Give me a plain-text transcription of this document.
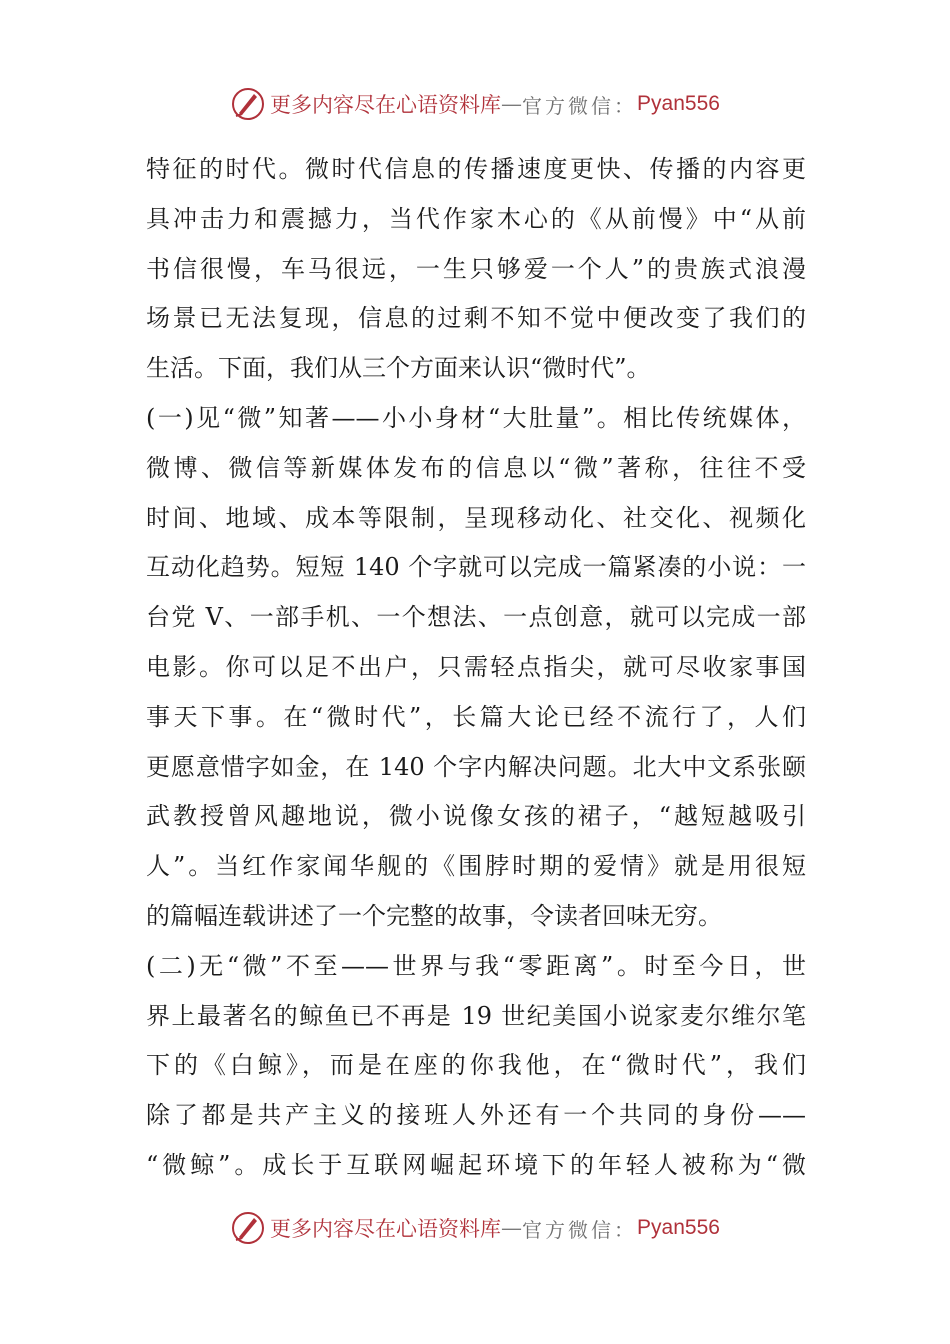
更多内容尽在心语资料库 — 官方微信： Pyan556
特征的时代。微时代信息的传播速度更快、传播的内容更
具冲击力和震撼力，当代作家木心的《从前慢》中“从前
书信很慢，车马很远，一生只够爱一个人”的贵族式浪漫
场景已无法复现，信息的过剩不知不觉中便改变了我们的
生活。下面，我们从三个方面来认识“微时代”。
(一)见“微”知著——小小身材“大肚量”。相比传统媒体，
微博、微信等新媒体发布的信息以“微”著称，往往不受
时间、地域、成本等限制，呈现移动化、社交化、视频化
互动化趋势。短短 140 个字就可以完成一篇紧凑的小说：一
台党 V、一部手机、一个想法、一点创意，就可以完成一部
电影。你可以足不出户，只需轻点指尖，就可尽收家事国
事天下事。在“微时代”，长篇大论已经不流行了，人们
更愿意惜字如金，在 140 个字内解决问题。北大中文系张颐
武教授曾风趣地说，微小说像女孩的裙子，“越短越吸引
人”。当红作家闻华舰的《围脖时期的爱情》就是用很短
的篇幅连载讲述了一个完整的故事，令读者回味无穷。
(二)无“微”不至——世界与我“零距离”。时至今日，世
界上最著名的鲸鱼已不再是 19 世纪美国小说家麦尔维尔笔
下的《白鲸》，而是在座的你我他，在“微时代”，我们
除了都是共产主义的接班人外还有一个共同的身份——
“微鲸”。成长于互联网崛起环境下的年轻人被称为“微
更多内容尽在心语资料库 — 官方微信： Pyan556
